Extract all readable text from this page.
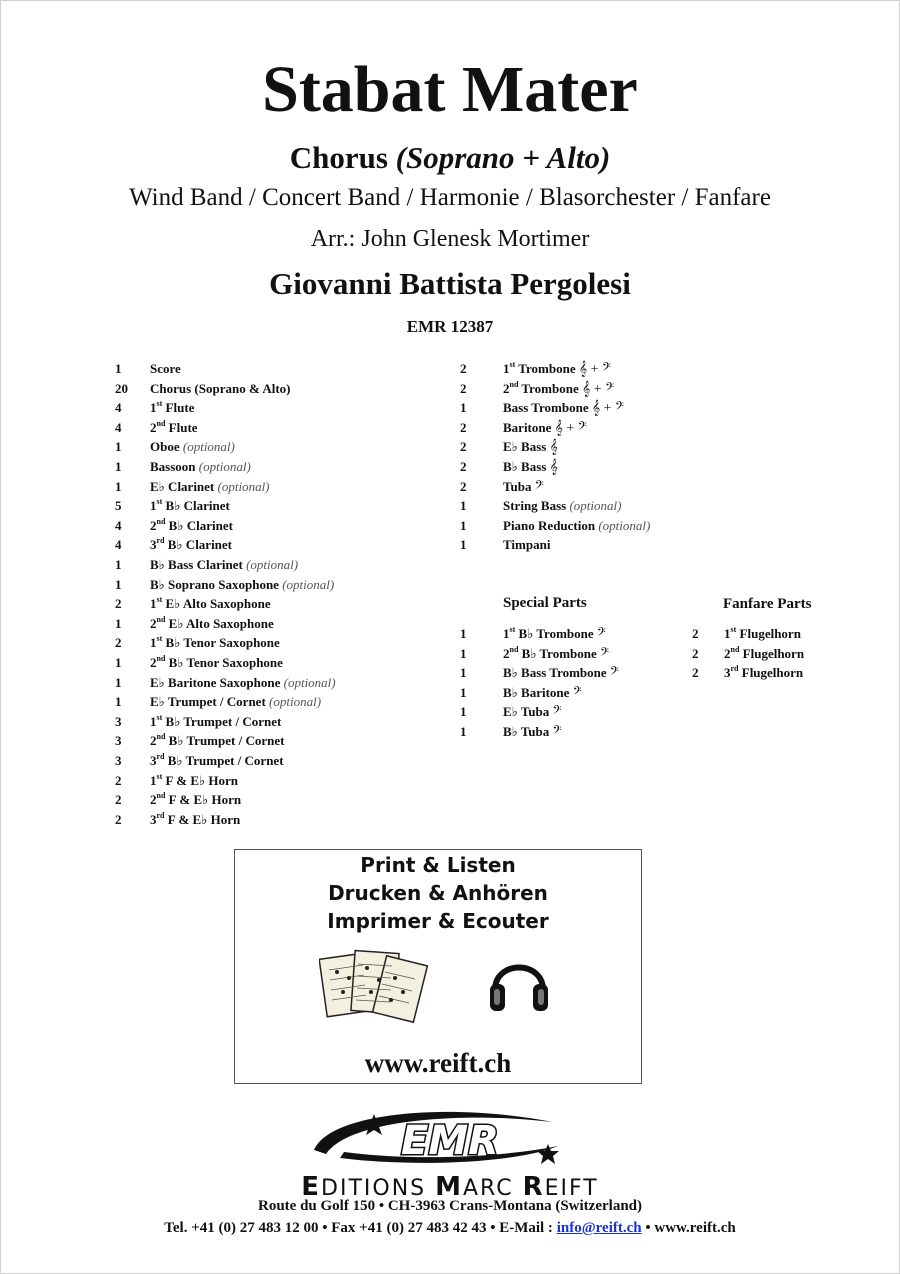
Stabat Mater
Chorus (Soprano + Alto)
Wind Band / Concert Band / Harmonie / Blasorchester / Fanfare
Arr.: John Glenesk Mortimer
Giovanni Battista Pergolesi
EMR 12387
Special Parts	Fanfare Parts
Print & Listen
Drucken & Anhören
Imprimer & Ecouter
www.reift.ch
EMR
EDITIONS MARC REIFT
Route du Golf 150 • CH-3963 Crans-Montana (Switzerland)
Tel. +41 (0) 27 483 12 00 • Fax +41 (0) 27 483 42 43 • E-Mail : info@reift.ch • www.reift.ch
1 Score
20 Chorus (Soprano & Alto)
4 1st Flute
4 2nd Flute
1 Oboe (optional)
1 Bassoon (optional)
1 E♭ Clarinet (optional)
5 1st B♭ Clarinet
4 2nd B♭ Clarinet
4 3rd B♭ Clarinet
1 B♭ Bass Clarinet (optional)
1 B♭ Soprano Saxophone (optional)
2 1st E♭ Alto Saxophone
1 2nd E♭ Alto Saxophone
2 1st B♭ Tenor Saxophone
1 2nd B♭ Tenor Saxophone
1 E♭ Baritone Saxophone (optional)
1 E♭ Trumpet / Cornet (optional)
3 1st B♭ Trumpet / Cornet
3 2nd B♭ Trumpet / Cornet
3 3rd B♭ Trumpet / Cornet
2 1st F & E♭ Horn
2 2nd F & E♭ Horn
2 3rd F & E♭ Horn
2	1st Trombone 𝄞 + 𝄢
2	2nd Trombone 𝄞 + 𝄢
1	Bass Trombone 𝄞 + 𝄢
2	Baritone 𝄞 + 𝄢
2	E♭ Bass 𝄞
2	B♭ Bass 𝄞
2	Tuba 𝄢
1	String Bass (optional)
1	Piano Reduction (optional)
1	Timpani
1	1st B♭ Trombone 𝄢
1	2nd B♭ Trombone 𝄢
1	B♭ Bass Trombone 𝄢
1	B♭ Baritone 𝄢
1	E♭ Tuba 𝄢
1	B♭ Tuba 𝄢
2 1st Flugelhorn
2 2nd Flugelhorn
2 3rd Flugelhorn
